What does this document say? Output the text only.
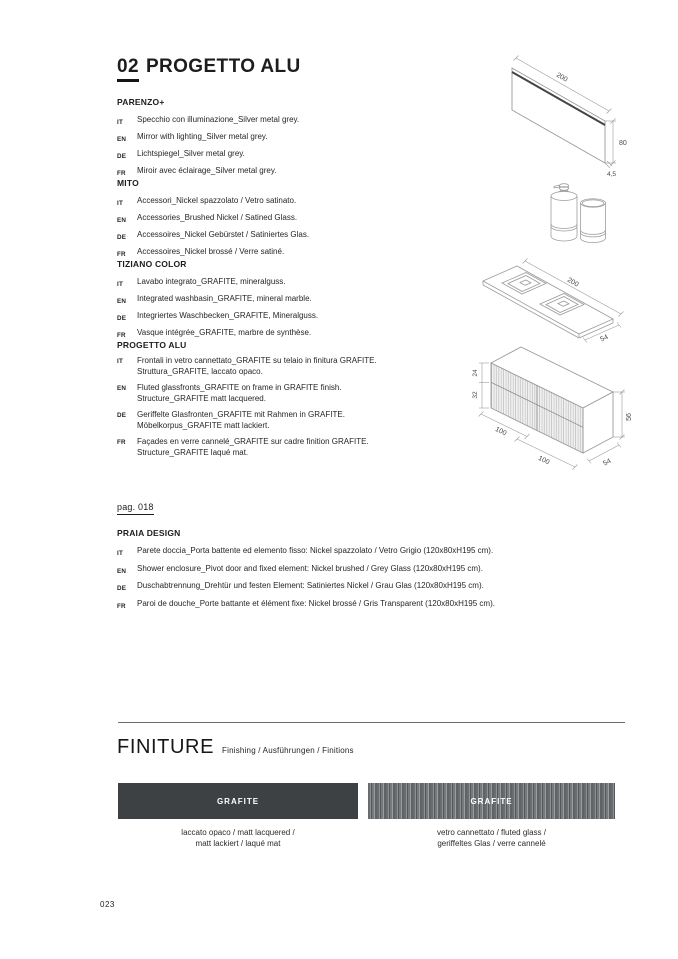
02 PROGETTO ALU
PARENZO+
IT	Specchio con illuminazione_Silver metal grey.
EN	Mirror with lighting_Silver metal grey.
DE	Lichtspiegel_Silver metal grey.
FR	Miroir avec éclairage_Silver metal grey.
MITO
IT	Accessori_Nickel spazzolato / Vetro satinato.
EN	Accessories_Brushed Nickel / Satined Glass.
DE	Accessoires_Nickel Gebürstet / Satiniertes Glas.
FR	Accessoires_Nickel brossé / Verre satiné.
TIZIANO COLOR
IT	Lavabo integrato_GRAFITE, mineralguss.
EN	Integrated washbasin_GRAFITE, mineral marble.
DE	Integriertes Waschbecken_GRAFITE, Mineralguss.
FR	Vasque intégrée_GRAFITE, marbre de synthèse.
PROGETTO ALU
IT	Frontali in vetro cannettato_GRAFITE su telaio in finitura GRAFITE.
Struttura_GRAFITE, laccato opaco.
EN	Fluted glassfronts_GRAFITE on frame in GRAFITE finish.
Structure_GRAFITE matt lacquered.
DE	Geriffelte Glasfronten_GRAFITE mit Rahmen in GRAFITE.
Möbelkorpus_GRAFITE matt lackiert.
FR	Façades en verre cannelé_GRAFITE sur cadre finition GRAFITE.
Structure_GRAFITE laqué mat.
pag. 018
PRAIA DESIGN
IT	Parete doccia_Porta battente ed elemento fisso: Nickel spazzolato / Vetro Grigio (120x80xH195 cm).
EN	Shower enclosure_Pivot door and fixed element: Nickel brushed / Grey Glass (120x80xH195 cm).
DE	Duschabtrennung_Drehtür und festen Element: Satiniertes Nickel / Grau Glas (120x80xH195 cm).
FR	Paroi de douche_Porte battante et élément fixe: Nickel brossé / Gris Transparent (120x80xH195 cm).
200
80
4,5
200
54
24
32
100
100
56
54
FINITURE Finishing / Ausführungen / Finitions
GRAFITE	GRAFITE
laccato opaco / matt lacquered /
matt lackiert / laqué mat
vetro cannettato / fluted glass /
geriffeltes Glas / verre cannelé
023
